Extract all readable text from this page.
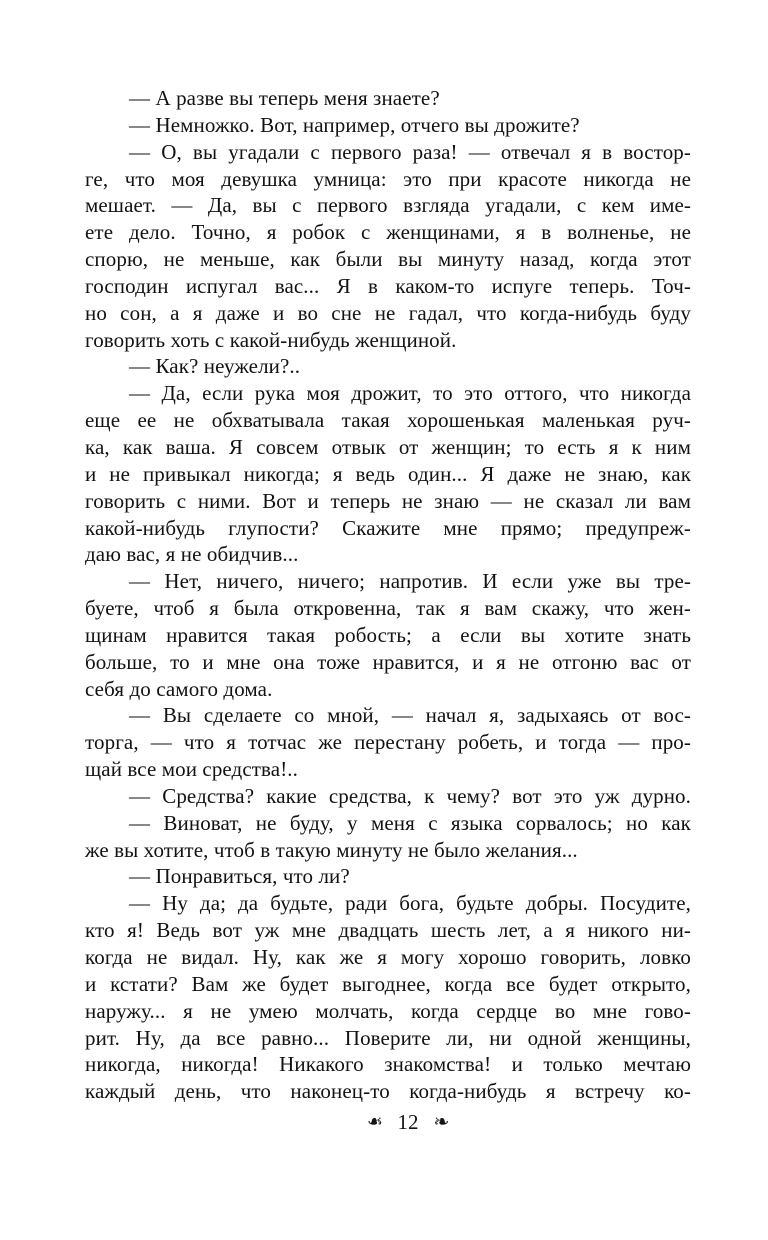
— А разве вы теперь меня знаете?
— Немножко. Вот, например, отчего вы дрожите?
— О, вы угадали с первого раза! — отвечал я в востор-
ге, что моя девушка умница: это при красоте никогда не
мешает. — Да, вы с первого взгляда угадали, с кем име-
ете дело. Точно, я робок с женщинами, я в волненье, не
спорю, не меньше, как были вы минуту назад, когда этот
господин испугал вас... Я в каком-то испуге теперь. Точ-
но сон, а я даже и во сне не гадал, что когда-нибудь буду
говорить хоть с какой-нибудь женщиной.
— Как? неужели?..
— Да, если рука моя дрожит, то это оттого, что никогда
еще ее не обхватывала такая хорошенькая маленькая руч-
ка, как ваша. Я совсем отвык от женщин; то есть я к ним
и не привыкал никогда; я ведь один... Я даже не знаю, как
говорить с ними. Вот и теперь не знаю — не сказал ли вам
какой-нибудь глупости? Скажите мне прямо; предупреж-
даю вас, я не обидчив...
— Нет, ничего, ничего; напротив. И если уже вы тре-
буете, чтоб я была откровенна, так я вам скажу, что жен-
щинам нравится такая робость; а если вы хотите знать
больше, то и мне она тоже нравится, и я не отгоню вас от
себя до самого дома.
— Вы сделаете со мной, — начал я, задыхаясь от вос-
торга, — что я тотчас же перестану робеть, и тогда — про-
щай все мои средства!..
— Средства? какие средства, к чему? вот это уж дурно.
— Виноват, не буду, у меня с языка сорвалось; но как
же вы хотите, чтоб в такую минуту не было желания...
— Понравиться, что ли?
— Ну да; да будьте, ради бога, будьте добры. Посудите,
кто я! Ведь вот уж мне двадцать шесть лет, а я никого ни-
когда не видал. Ну, как же я могу хорошо говорить, ловко
и кстати? Вам же будет выгоднее, когда все будет открыто,
наружу... я не умею молчать, когда сердце во мне гово-
рит. Ну, да все равно... Поверите ли, ни одной женщины,
никогда, никогда! Никакого знакомства! и только мечтаю
каждый день, что наконец-то когда-нибудь я встречу ко-
❧ 12 ❧
